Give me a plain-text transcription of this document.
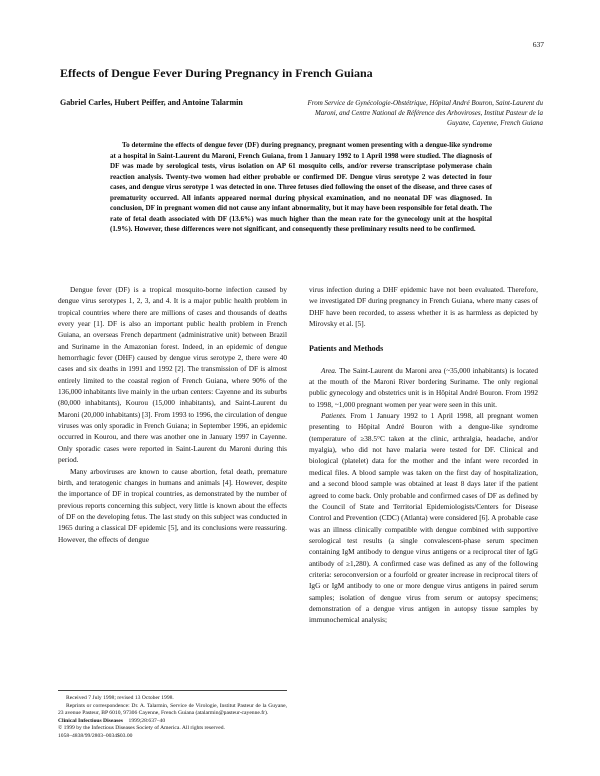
637
Effects of Dengue Fever During Pregnancy in French Guiana
Gabriel Carles, Hubert Peiffer, and Antoine Talarmin	From Service de Gynécologie-Obstétrique, Hôpital André Bouron, Saint-Laurent du Maroni, and Centre National de Référence des Arboviroses, Institut Pasteur de la Guyane, Cayenne, French Guiana

To determine the effects of dengue fever (DF) during pregnancy, pregnant women presenting with a dengue-like syndrome at a hospital in Saint-Laurent du Maroni, French Guiana, from 1 January 1992 to 1 April 1998 were studied. The diagnosis of DF was made by serological tests, virus isolation on AP 61 mosquito cells, and/or reverse transcriptase polymerase chain reaction analysis. Twenty-two women had either probable or confirmed DF. Dengue virus serotype 2 was detected in four cases, and dengue virus serotype 1 was detected in one. Three fetuses died following the onset of the disease, and three cases of prematurity occurred. All infants appeared normal during physical examination, and no neonatal DF was diagnosed. In conclusion, DF in pregnant women did not cause any infant abnormality, but it may have been responsible for fetal death. The rate of fetal death associated with DF (13.6%) was much higher than the mean rate for the gynecology unit at the hospital (1.9%). However, these differences were not significant, and consequently these preliminary results need to be confirmed.

Dengue fever (DF) is a tropical mosquito-borne infection caused by dengue virus serotypes 1, 2, 3, and 4. It is a major public health problem in tropical countries where there are millions of cases and thousands of deaths every year [1]. DF is also an important public health problem in French Guiana, an overseas French department (administrative unit) between Brazil and Suriname in the Amazonian forest. Indeed, in an epidemic of dengue hemorrhagic fever (DHF) caused by dengue virus serotype 2, there were 40 cases and six deaths in 1991 and 1992 [2]. The transmission of DF is almost entirely limited to the coastal region of French Guiana, where 90% of the 136,000 inhabitants live mainly in the urban centers: Cayenne and its suburbs (80,000 inhabitants), Kourou (15,000 inhabitants), and Saint-Laurent du Maroni (20,000 inhabitants) [3]. From 1993 to 1996, the circulation of dengue viruses was only sporadic in French Guiana; in September 1996, an epidemic occurred in Kourou, and there was another one in January 1997 in Cayenne. Only sporadic cases were reported in Saint-Laurent du Maroni during this period.

Many arboviruses are known to cause abortion, fetal death, premature birth, and teratogenic changes in humans and animals [4]. However, despite the importance of DF in tropical countries, as demonstrated by the number of previous reports concerning this subject, very little is known about the effects of DF on the developing fetus. The last study on this subject was conducted in 1965 during a classical DF epidemic [5], and its conclusions were reassuring. However, the effects of dengue

virus infection during a DHF epidemic have not been evaluated. Therefore, we investigated DF during pregnancy in French Guiana, where many cases of DHF have been recorded, to assess whether it is as harmless as depicted by Mirovsky et al. [5].

Patients and Methods

Area. The Saint-Laurent du Maroni area (~35,000 inhabitants) is located at the mouth of the Maroni River bordering Suriname. The only regional public gynecology and obstetrics unit is in Hôpital André Bouron. From 1992 to 1998, ~1,000 pregnant women per year were seen in this unit.

Patients. From 1 January 1992 to 1 April 1998, all pregnant women presenting to Hôpital André Bouron with a dengue-like syndrome (temperature of ≥38.5°C taken at the clinic, arthralgia, headache, and/or myalgia), who did not have malaria were tested for DF. Clinical and biological (platelet) data for the mother and the infant were recorded in medical files. A blood sample was taken on the first day of hospitalization, and a second blood sample was obtained at least 8 days later if the patient agreed to come back. Only probable and confirmed cases of DF as defined by the Council of State and Territorial Epidemiologists/Centers for Disease Control and Prevention (CDC) (Atlanta) were considered [6]. A probable case was an illness clinically compatible with dengue combined with supportive serological test results (a single convalescent-phase serum specimen containing IgM antibody to dengue virus antigens or a reciprocal titer of IgG antibody of ≥1,280). A confirmed case was defined as any of the following criteria: seroconversion or a fourfold or greater increase in reciprocal titers of IgG or IgM antibody to one or more dengue virus antigens in paired serum samples; isolation of dengue virus from serum or autopsy specimens; demonstration of a dengue virus antigen in autopsy tissue samples by immunochemical analysis;

Received 7 July 1998; revised 13 October 1998.

Reprints or correspondence: Dr. A. Talarmin, Service de Virologie, Institut Pasteur de la Guyane, 23 avenue Pasteur, BP 6010, 97306 Cayenne, French Guiana (atalarmin@pasteur-cayenne.fr).

Clinical Infectious Diseases 1999;28:637–40

© 1999 by the Infectious Diseases Society of America. All rights reserved.

1058–4838/99/2803–0034$03.00
